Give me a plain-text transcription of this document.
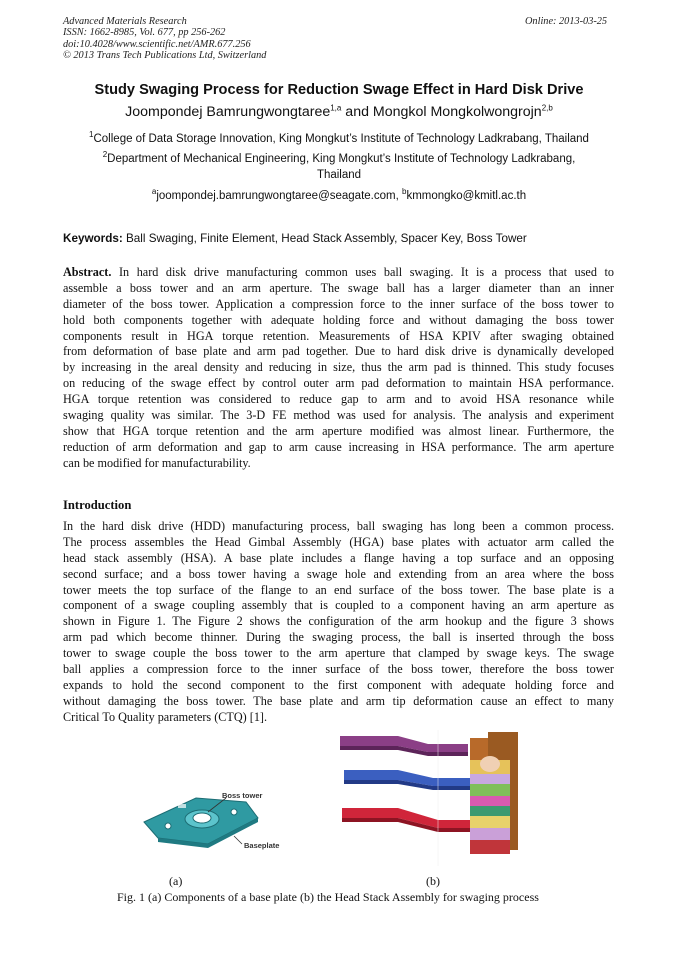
Advanced Materials Research
ISSN: 1662-8985, Vol. 677, pp 256-262
doi:10.4028/www.scientific.net/AMR.677.256
© 2013 Trans Tech Publications Ltd, Switzerland
Online: 2013-03-25
Study Swaging Process for Reduction Swage Effect in Hard Disk Drive
Joompondej Bamrungwongtaree$^{1,a}$ and Mongkol Mongkolwongrojn$^{2,b}$
$^1$College of Data Storage Innovation, King Mongkut’s Institute of Technology Ladkrabang, Thailand
$^2$Department of Mechanical Engineering, King Mongkut’s Institute of Technology Ladkrabang,
Thailand
$^a$joompondej.bamrungwongtaree@seagate.com, $^b$kmmongko@kmitl.ac.th
Keywords: Ball Swaging, Finite Element, Head Stack Assembly, Spacer Key, Boss Tower
Abstract. In hard disk drive manufacturing common uses ball swaging. It is a process that used to
assemble a boss tower and an arm aperture. The swage ball has a larger diameter than an inner
diameter of the boss tower. Application a compression force to the inner surface of the boss tower to
hold both components together with adequate holding force and without damaging the boss tower
components result in HGA torque retention. Measurements of HSA KPIV after swaging obtained
from deformation of base plate and arm pad together. Due to hard disk drive is dynamically developed
by increasing in the areal density and reducing in size, thus the arm pad is thinned. This study focuses
on reducing of the swage effect by control outer arm pad deformation to maintain HSA performance.
HGA torque retention was considered to reduce gap to arm and to avoid HSA resonance while
swaging quality was similar. The 3-D FE method was used for analysis. The analysis and experiment
show that HGA torque retention and the arm aperture modified was almost linear. Furthermore, the
reduction of arm deformation and gap to arm cause increasing in HSA performance. The arm aperture
can be modified for manufacturability.
Introduction
In the hard disk drive (HDD) manufacturing process, ball swaging has long been a common process.
The process assembles the Head Gimbal Assembly (HGA) base plates with actuator arm called the
head stack assembly (HSA). A base plate includes a flange having a top surface and an opposing
second surface; and a boss tower having a swage hole and extending from an area where the boss
tower meets the top surface of the flange to an end surface of the boss tower. The base plate is a
component of a swage coupling assembly that is coupled to a component having an arm aperture as
shown in Figure 1. The Figure 2 shows the configuration of the arm hookup and the figure 3 shows
arm pad which become thinner. During the swaging process, the ball is inserted through the boss
tower to swage couple the boss tower to the arm aperture that clamped by swage keys. The swage
ball applies a compression force to the inner surface of the boss tower, therefore the boss tower
expands to hold the second component to the first component with adequate holding force and
without damaging the boss tower. The base plate and arm tip deformation cause an effect to many
Critical To Quality parameters (CTQ) [1].
Boss tower
Baseplate
(a)	(b)
Fig. 1 (a) Components of a base plate (b) the Head Stack Assembly for swaging process
